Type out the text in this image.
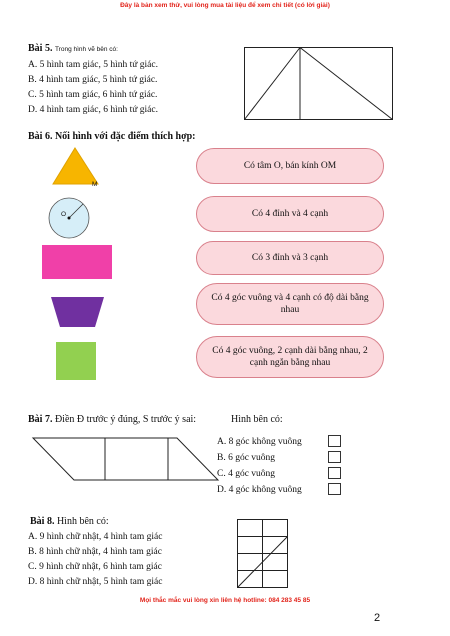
Đây là bản xem thử, vui lòng mua tài liệu để xem chi tiết (có lời giải)
Bài 5. Trong hình vẽ bên có:
A. 5 hình tam giác, 5 hình tứ giác.
B. 4 hình tam giác, 5 hình tứ giác.
C. 5 hình tam giác, 6 hình tứ giác.
D. 4 hình tam giác, 6 hình tứ giác.
Bài 6. Nối hình với đặc điểm thích hợp:
M
O
Có tâm O, bán kính OM
Có 4 đỉnh và 4 cạnh
Có 3 đỉnh và 3 cạnh
Có 4 góc vuông và 4 cạnh có độ dài bằng nhau
Có 4 góc vuông, 2 cạnh dài bằng nhau, 2 cạnh ngắn bằng nhau
Bài 7. Điền Đ trước ý đúng, S trước ý sai:	Hình bên có:
A. 8 góc không vuông
B. 6 góc vuông
C. 4 góc vuông
D. 4 góc không vuông
Bài 8. Hình bên có:
A. 9 hình chữ nhật, 4 hình tam giác
B. 8 hình chữ nhật, 4 hình tam giác
C. 9 hình chữ nhật, 6 hình tam giác
D. 8 hình chữ nhật, 5 hình tam giác
Mọi thắc mắc vui lòng xin liên hệ hotline: 084 283 45 85
2
